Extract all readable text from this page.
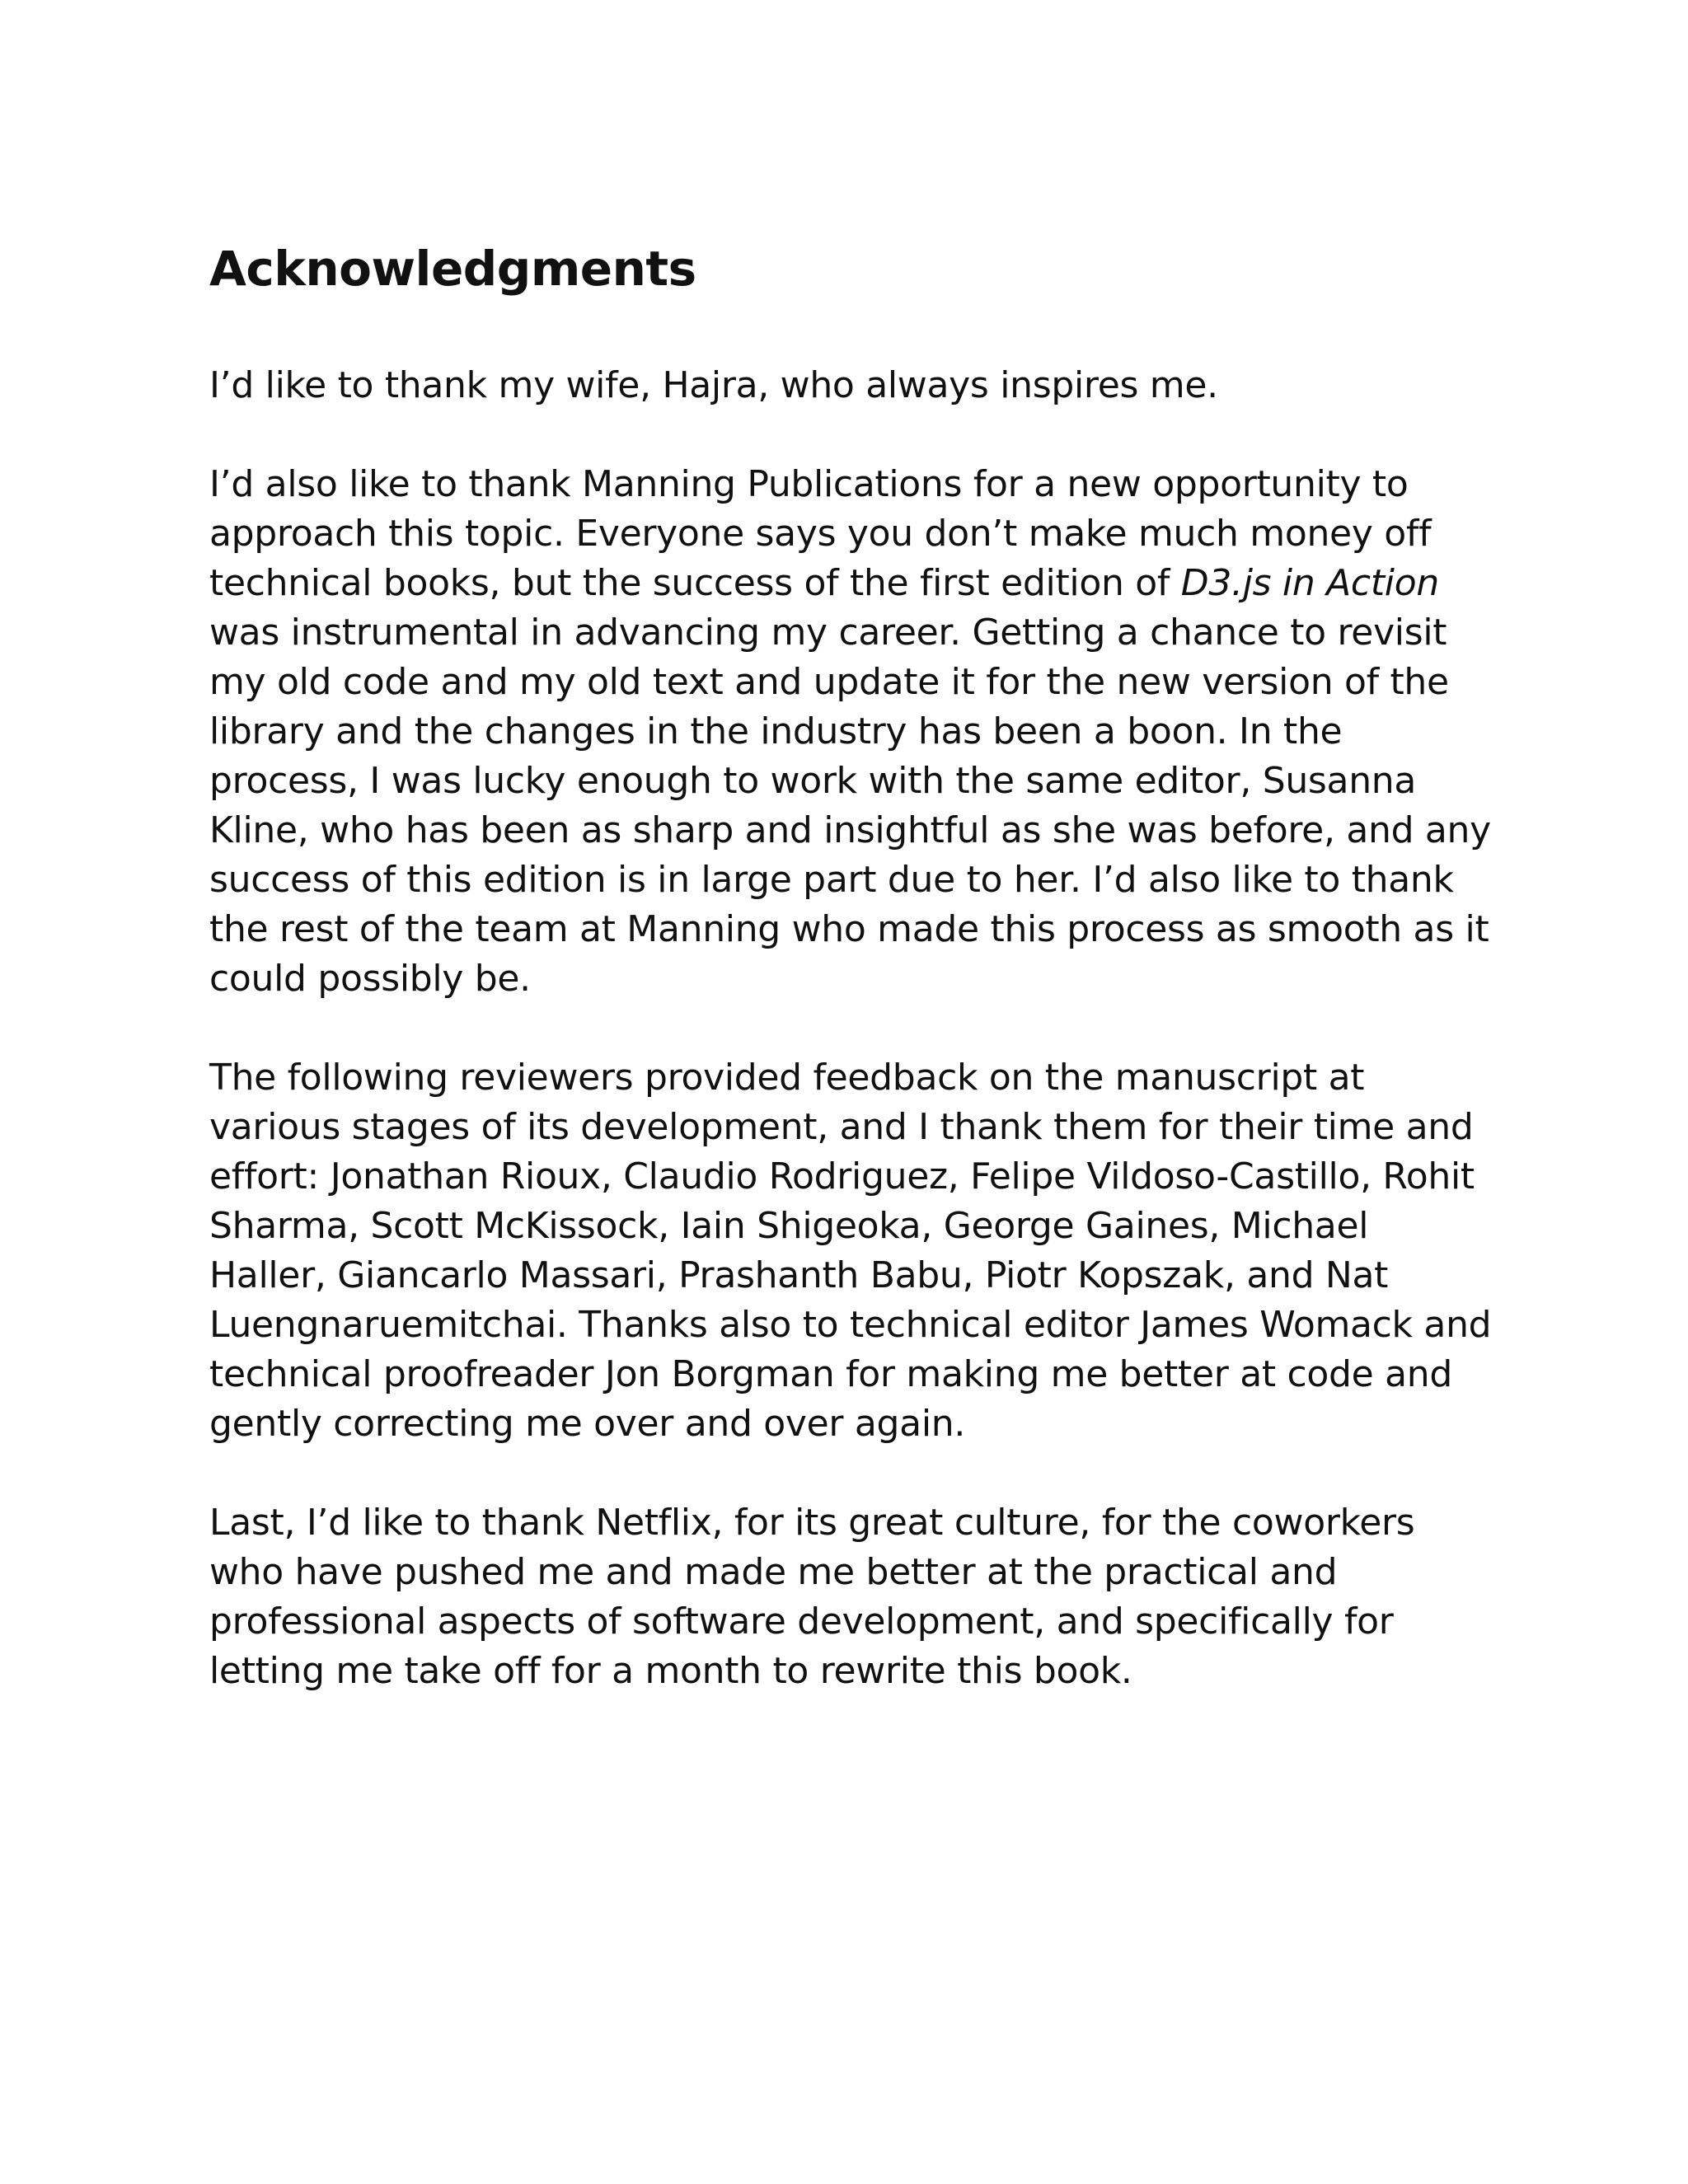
Acknowledgments

I’d like to thank my wife, Hajra, who always inspires me.

I’d also like to thank Manning Publications for a new opportunity to approach this topic. Everyone says you don’t make much money off technical books, but the success of the first edition of D3.js in Action was instrumental in advancing my career. Getting a chance to revisit my old code and my old text and update it for the new version of the library and the changes in the industry has been a boon. In the process, I was lucky enough to work with the same editor, Susanna Kline, who has been as sharp and insightful as she was before, and any success of this edition is in large part due to her. I’d also like to thank the rest of the team at Manning who made this process as smooth as it could possibly be.

The following reviewers provided feedback on the manuscript at various stages of its development, and I thank them for their time and effort: Jonathan Rioux, Claudio Rodriguez, Felipe Vildoso-Castillo, Rohit Sharma, Scott McKissock, Iain Shigeoka, George Gaines, Michael Haller, Giancarlo Massari, Prashanth Babu, Piotr Kopszak, and Nat Luengnaruemitchai. Thanks also to technical editor James Womack and technical proofreader Jon Borgman for making me better at code and gently correcting me over and over again.

Last, I’d like to thank Netflix, for its great culture, for the coworkers who have pushed me and made me better at the practical and professional aspects of software development, and specifically for letting me take off for a month to rewrite this book.
